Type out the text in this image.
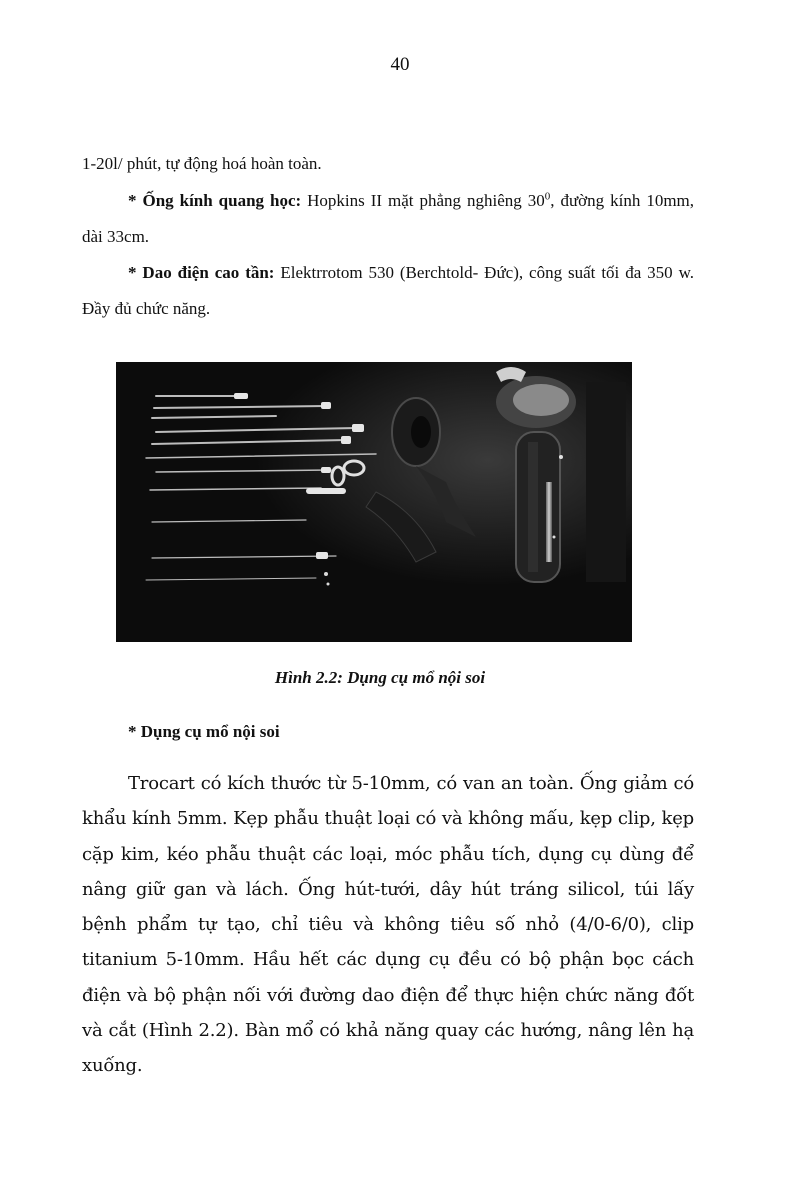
40
1-20l/ phút, tự động hoá hoàn toàn.
* Ống kính quang học: Hopkins II mặt phẳng nghiêng $30^0$, đường kính 10mm, dài 33cm.
* Dao điện cao tần: Elektrrotom 530 (Berchtold- Đức), công suất tối đa 350 w. Đầy đủ chức năng.
Hình 2.2: Dụng cụ mổ nội soi
* Dụng cụ mổ nội soi
Trocart có kích thước từ 5-10mm, có van an toàn. Ống giảm có khẩu kính 5mm. Kẹp phẫu thuật loại có và không mấu, kẹp clip, kẹp cặp kim, kéo phẫu thuật các loại, móc phẫu tích, dụng cụ dùng để nâng giữ gan và lách. Ống hút-tưới, dây hút tráng silicol, túi lấy bệnh phẩm tự tạo, chỉ tiêu và không tiêu số nhỏ (4/0-6/0), clip titanium 5-10mm. Hầu hết các dụng cụ đều có bộ phận bọc cách điện và bộ phận nối với đường dao điện để thực hiện chức năng đốt và cắt (Hình 2.2). Bàn mổ có khả năng quay các hướng, nâng lên hạ xuống.
